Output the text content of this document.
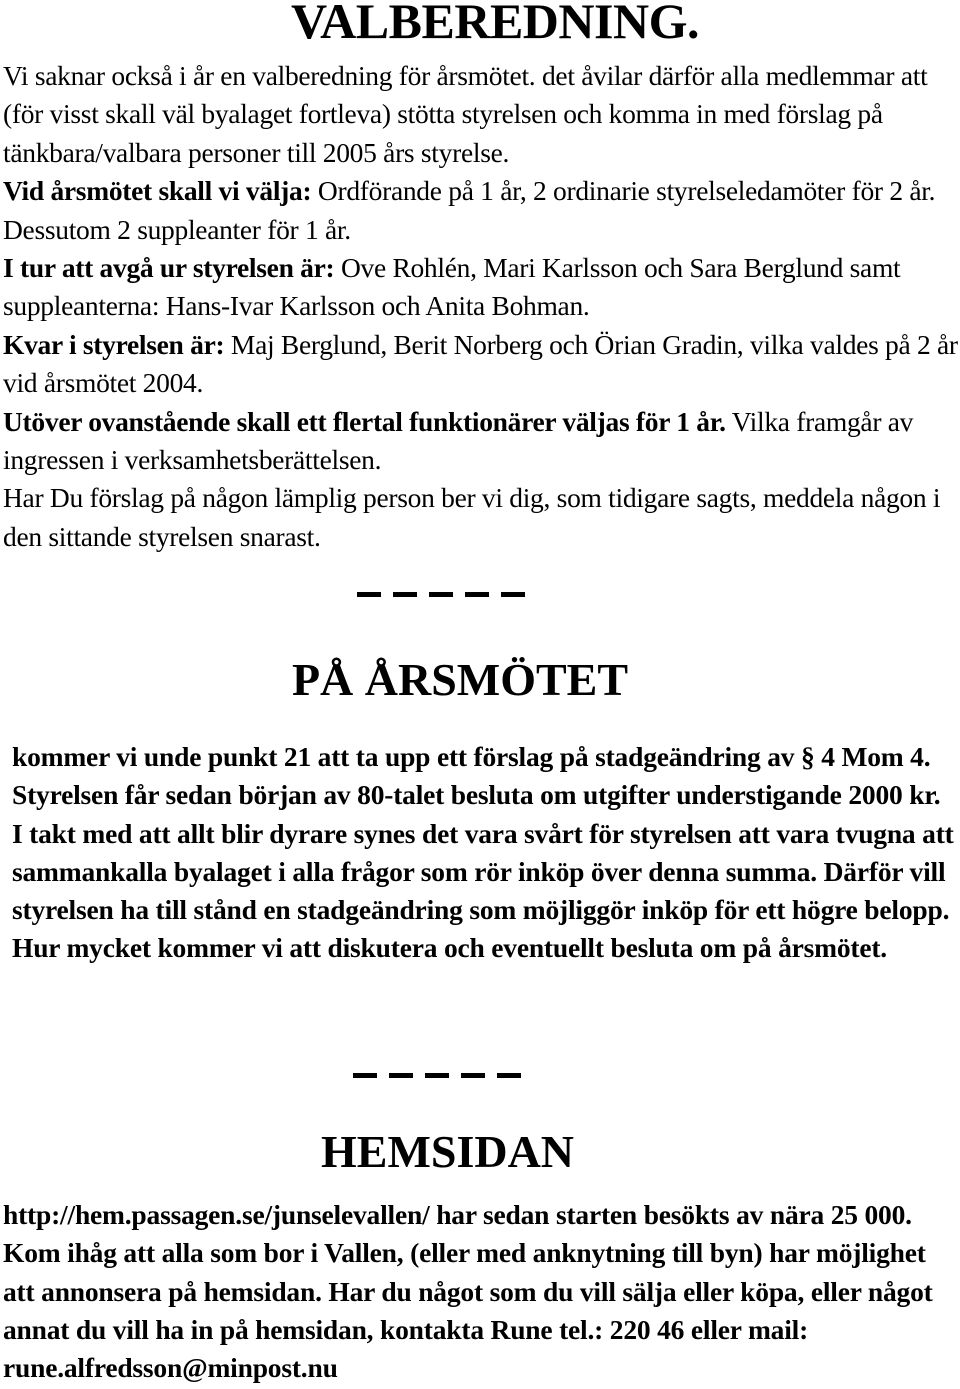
VALBEREDNING.

Vi saknar också i år en valberedning för årsmötet. det åvilar därför alla medlemmar att (för visst skall väl byalaget fortleva) stötta styrelsen och komma in med förslag på tänkbara/valbara personer till 2005 års styrelse.

Vid årsmötet skall vi välja: Ordförande på 1 år, 2 ordinarie styrelseledamöter för 2 år. Dessutom 2 suppleanter för 1 år.

I tur att avgå ur styrelsen är: Ove Rohlén, Mari Karlsson och Sara Berglund samt suppleanterna: Hans-Ivar Karlsson och Anita Bohman.

Kvar i styrelsen är: Maj Berglund, Berit Norberg och Örian Gradin, vilka valdes på 2 år vid årsmötet 2004.

Utöver ovanstående skall ett flertal funktionärer väljas för 1 år. Vilka framgår av ingressen i verksamhetsberättelsen.

Har Du förslag på någon lämplig person ber vi dig, som tidigare sagts, meddela någon i den sittande styrelsen snarast.

PÅ ÅRSMÖTET

kommer vi unde punkt 21 att ta upp ett förslag på stadgeändring av § 4 Mom 4. Styrelsen får sedan början av 80-talet besluta om utgifter understigande 2000 kr. I takt med att allt blir dyrare synes det vara svårt för styrelsen att vara tvugna att sammankalla byalaget i alla frågor som rör inköp över denna summa. Därför vill styrelsen ha till stånd en stadgeändring som möjliggör inköp för ett högre belopp. Hur mycket kommer vi att diskutera och eventuellt besluta om på årsmötet.

HEMSIDAN

http://hem.passagen.se/junselevallen/ har sedan starten besökts av nära 25 000. Kom ihåg att alla som bor i Vallen, (eller med anknytning till byn) har möjlighet att annonsera på hemsidan. Har du något som du vill sälja eller köpa, eller något annat du vill ha in på hemsidan, kontakta Rune tel.: 220 46 eller mail: rune.alfredsson@minpost.nu
